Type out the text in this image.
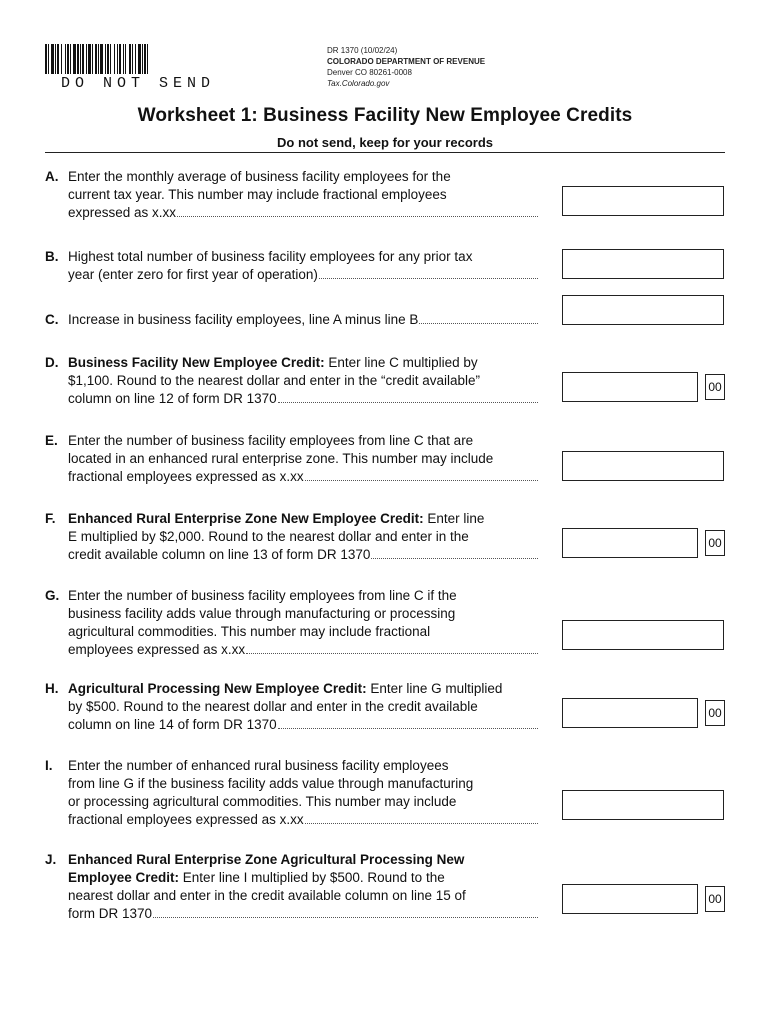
DO NOT SEND
DR 1370 (10/02/24)
COLORADO DEPARTMENT OF REVENUE
Denver CO 80261-0008
Tax.Colorado.gov
Worksheet 1: Business Facility New Employee Credits
Do not send, keep for your records
A. Enter the monthly average of business facility employees for the
current tax year. This number may include fractional employees
expressed as x.xx
B. Highest total number of business facility employees for any prior tax
year (enter zero for first year of operation)
C. Increase in business facility employees, line A minus line B
D. Business Facility New Employee Credit: Enter line C multiplied by
$1,100. Round to the nearest dollar and enter in the “credit available”
column on line 12 of form DR 1370
00
E. Enter the number of business facility employees from line C that are
located in an enhanced rural enterprise zone. This number may include
fractional employees expressed as x.xx
F. Enhanced Rural Enterprise Zone New Employee Credit: Enter line
E multiplied by $2,000. Round to the nearest dollar and enter in the
credit available column on line 13 of form DR 1370
00
G. Enter the number of business facility employees from line C if the
business facility adds value through manufacturing or processing
agricultural commodities. This number may include fractional
employees expressed as x.xx
H. Agricultural Processing New Employee Credit: Enter line G multiplied
by $500. Round to the nearest dollar and enter in the credit available
column on line 14 of form DR 1370
00
I. Enter the number of enhanced rural business facility employees
from line G if the business facility adds value through manufacturing
or processing agricultural commodities. This number may include
fractional employees expressed as x.xx
J. Enhanced Rural Enterprise Zone Agricultural Processing New
Employee Credit: Enter line I multiplied by $500. Round to the
nearest dollar and enter in the credit available column on line 15 of
form DR 1370
00
